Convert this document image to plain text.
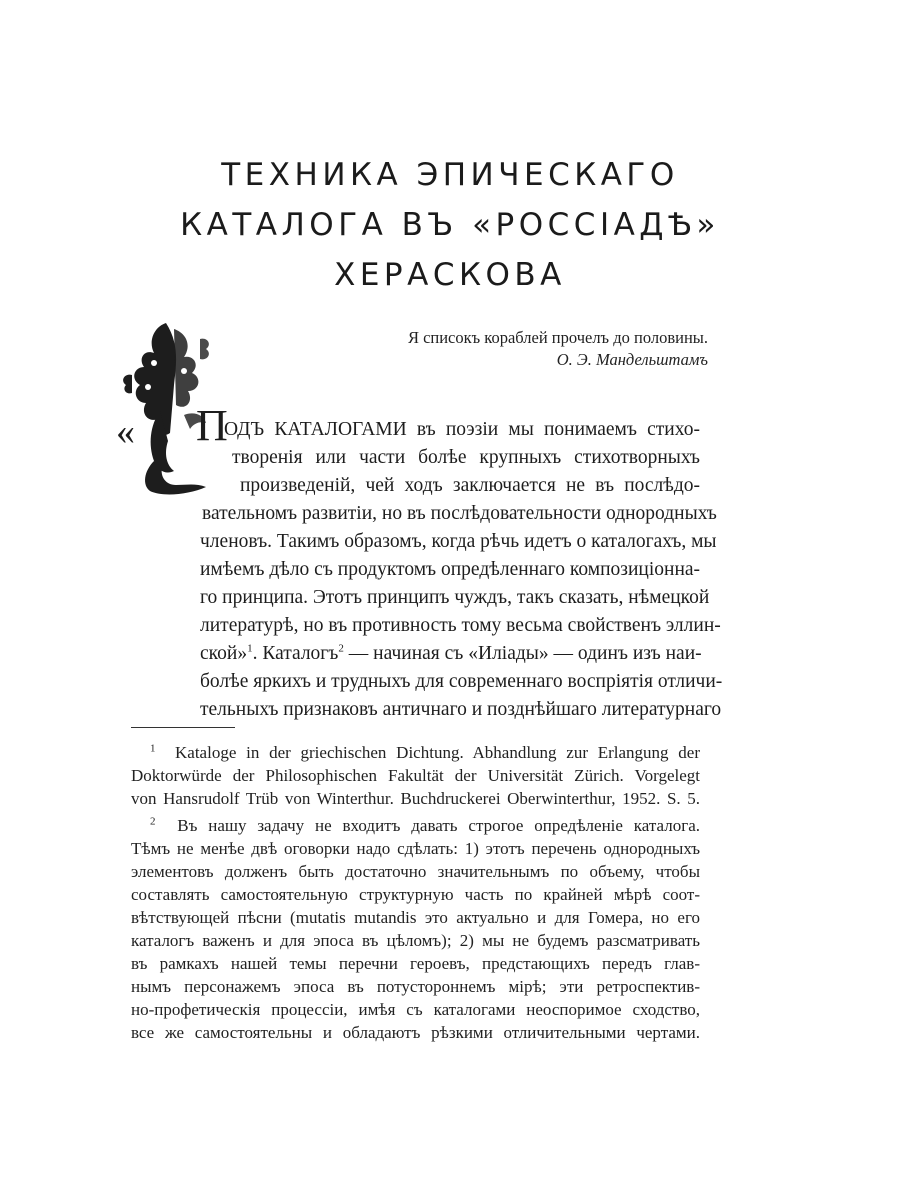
ТЕХНИКА ЭПИЧЕСКАГО
КАТАЛОГА ВЪ «РОССІАДѢ»
ХЕРАСКОВА
Я списокъ кораблей прочелъ до половины.
О. Э. Мандельштамъ
« П
ОДЪ КАТАЛОГАМИ въ поэзіи мы понимаемъ стихо-
творенія или части болѣе крупныхъ стихотворныхъ
произведеній, чей ходъ заключается не въ послѣдо-
вательномъ развитіи, но въ послѣдовательности однородныхъ
членовъ. Такимъ образомъ, когда рѣчь идетъ о каталогахъ, мы
имѣемъ дѣло съ продуктомъ опредѣленнаго композиціонна-
го принципа. Этотъ принципъ чуждъ, такъ сказать, нѣмецкой
литературѣ, но въ противность тому весьма свойственъ эллин-
ской»$^1$. Каталогъ$^2$ — начиная съ «Иліады» — одинъ изъ наи-
болѣе яркихъ и трудныхъ для современнаго воспріятія отличи-
тельныхъ признаковъ античнаго и позднѣйшаго литературнаго
$^1$ Kataloge in der griechischen Dichtung. Abhandlung zur Erlangung der
Doktorwürde der Philosophischen Fakultät der Universität Zürich. Vorgelegt
von Hansrudolf Trüb von Winterthur. Buchdruckerei Oberwinterthur, 1952. S. 5.
$^2$ Въ нашу задачу не входитъ давать строгое опредѣленіе каталога.
Тѣмъ не менѣе двѣ оговорки надо сдѣлать: 1) этотъ перечень однородныхъ
элементовъ долженъ быть достаточно значительнымъ по объему, чтобы
составлять самостоятельную структурную часть по крайней мѣрѣ соот-
вѣтствующей пѣсни (mutatis mutandis это актуально и для Гомера, но его
каталогъ важенъ и для эпоса въ цѣломъ); 2) мы не будемъ разсматривать
въ рамкахъ нашей темы перечни героевъ, предстающихъ передъ глав-
нымъ персонажемъ эпоса въ потустороннемъ мірѣ; эти ретроспектив-
но-профетическія процессіи, имѣя съ каталогами неоспоримое сходство,
все же самостоятельны и обладаютъ рѣзкими отличительными чертами.
